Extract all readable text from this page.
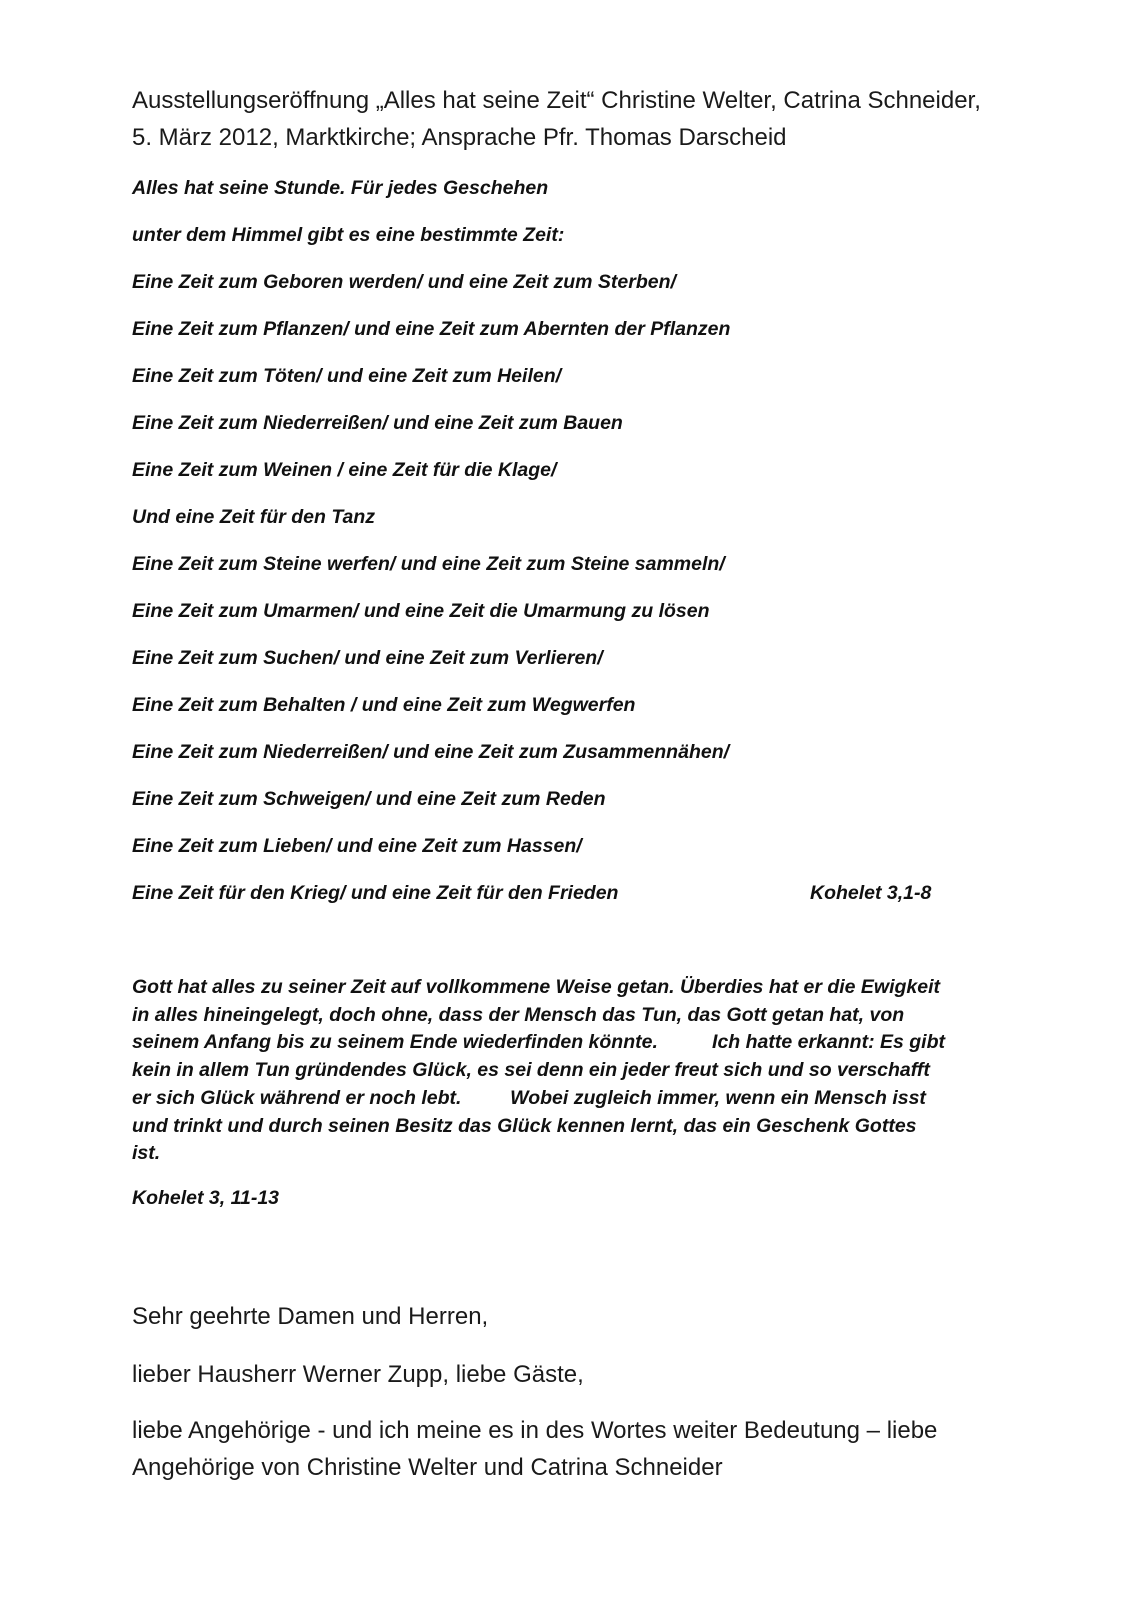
Ausstellungseröffnung „Alles hat seine Zeit“ Christine Welter, Catrina Schneider,
5. März 2012, Marktkirche; Ansprache Pfr. Thomas Darscheid
Alles hat seine Stunde. Für jedes Geschehen
unter dem Himmel gibt es eine bestimmte Zeit:
Eine Zeit zum Geboren werden/ und eine Zeit zum Sterben/
Eine Zeit zum Pflanzen/ und eine Zeit zum Abernten der Pflanzen
Eine Zeit zum Töten/ und eine Zeit zum Heilen/
Eine Zeit zum Niederreißen/ und eine Zeit zum Bauen
Eine Zeit zum Weinen / eine Zeit für die Klage/
Und eine Zeit für den Tanz
Eine Zeit zum Steine werfen/ und eine Zeit zum Steine sammeln/
Eine Zeit zum Umarmen/ und eine Zeit die Umarmung zu lösen
Eine Zeit zum Suchen/ und eine Zeit zum Verlieren/
Eine Zeit zum Behalten / und eine Zeit zum Wegwerfen
Eine Zeit zum Niederreißen/ und eine Zeit zum Zusammennähen/
Eine Zeit zum Schweigen/ und eine Zeit zum Reden
Eine Zeit zum Lieben/ und eine Zeit zum Hassen/
Eine Zeit für den Krieg/ und eine Zeit für den Frieden	Kohelet 3,1-8
Gott hat alles zu seiner Zeit auf vollkommene Weise getan. Überdies hat er die Ewigkeit
in alles hineingelegt, doch ohne, dass der Mensch das Tun, das Gott getan hat, von
seinem Anfang bis zu seinem Ende wiederfinden könnte.          Ich hatte erkannt: Es gibt
kein in allem Tun gründendes Glück, es sei denn ein jeder freut sich und so verschafft
er sich Glück während er noch lebt.         Wobei zugleich immer, wenn ein Mensch isst
und trinkt und durch seinen Besitz das Glück kennen lernt, das ein Geschenk Gottes
ist.
Kohelet 3, 11-13
Sehr geehrte Damen und Herren,
lieber Hausherr Werner Zupp, liebe Gäste,
liebe Angehörige - und ich meine es in des Wortes weiter Bedeutung – liebe
Angehörige von Christine Welter und Catrina Schneider
